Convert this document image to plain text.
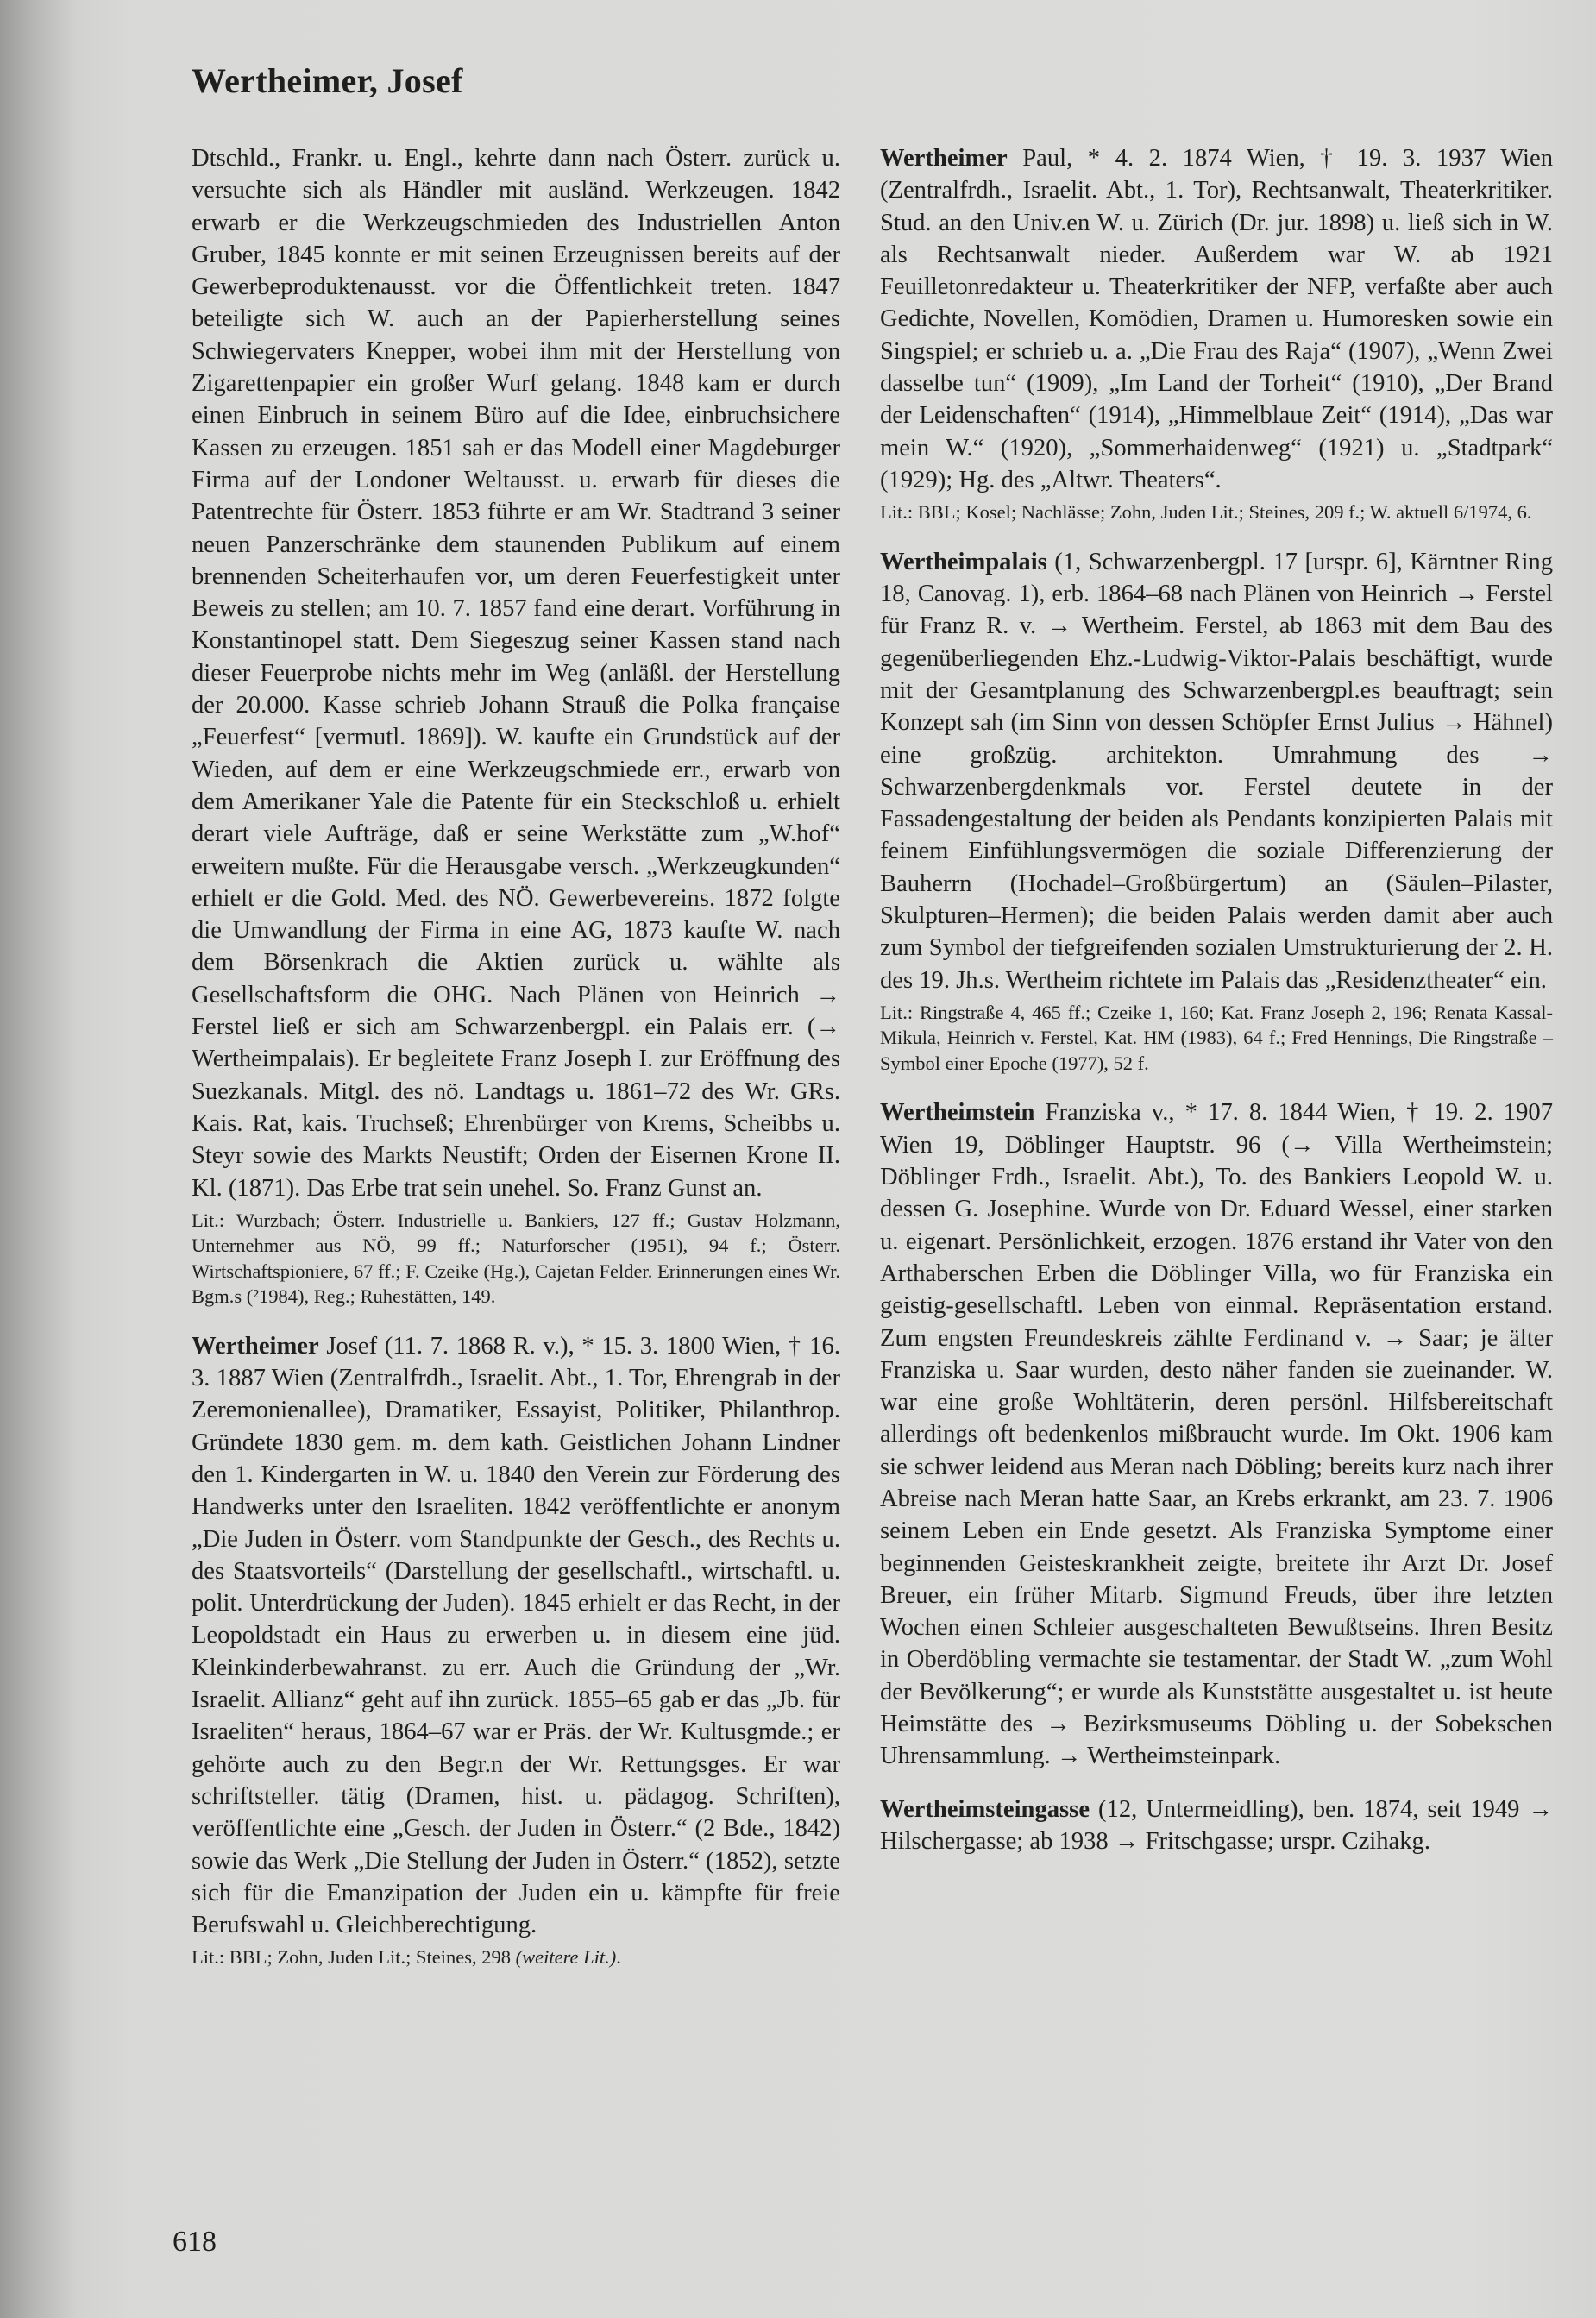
Wertheimer, Josef

Dtschld., Frankr. u. Engl., kehrte dann nach Österr. zurück u. versuchte sich als Händler mit ausländ. Werkzeugen. 1842 erwarb er die Werkzeugschmieden des Industriellen Anton Gruber, 1845 konnte er mit seinen Erzeugnissen bereits auf der Gewerbeproduktenausst. vor die Öffentlichkeit treten. 1847 beteiligte sich W. auch an der Papierherstellung seines Schwiegervaters Knepper, wobei ihm mit der Herstellung von Zigarettenpapier ein großer Wurf gelang. 1848 kam er durch einen Einbruch in seinem Büro auf die Idee, einbruchsichere Kassen zu erzeugen. 1851 sah er das Modell einer Magdeburger Firma auf der Londoner Weltausst. u. erwarb für dieses die Patentrechte für Österr. 1853 führte er am Wr. Stadtrand 3 seiner neuen Panzerschränke dem staunenden Publikum auf einem brennenden Scheiterhaufen vor, um deren Feuerfestigkeit unter Beweis zu stellen; am 10. 7. 1857 fand eine derart. Vorführung in Konstantinopel statt. Dem Siegeszug seiner Kassen stand nach dieser Feuerprobe nichts mehr im Weg (anläßl. der Herstellung der 20.000. Kasse schrieb Johann Strauß die Polka française „Feuerfest“ [vermutl. 1869]). W. kaufte ein Grundstück auf der Wieden, auf dem er eine Werkzeugschmiede err., erwarb von dem Amerikaner Yale die Patente für ein Steckschloß u. erhielt derart viele Aufträge, daß er seine Werkstätte zum „W.hof“ erweitern mußte. Für die Herausgabe versch. „Werkzeugkunden“ erhielt er die Gold. Med. des NÖ. Gewerbevereins. 1872 folgte die Umwandlung der Firma in eine AG, 1873 kaufte W. nach dem Börsenkrach die Aktien zurück u. wählte als Gesellschaftsform die OHG. Nach Plänen von Heinrich → Ferstel ließ er sich am Schwarzenbergpl. ein Palais err. (→ Wertheimpalais). Er begleitete Franz Joseph I. zur Eröffnung des Suezkanals. Mitgl. des nö. Landtags u. 1861–72 des Wr. GRs. Kais. Rat, kais. Truchseß; Ehrenbürger von Krems, Scheibbs u. Steyr sowie des Markts Neustift; Orden der Eisernen Krone II. Kl. (1871). Das Erbe trat sein unehel. So. Franz Gunst an.

Lit.: Wurzbach; Österr. Industrielle u. Bankiers, 127 ff.; Gustav Holzmann, Unternehmer aus NÖ, 99 ff.; Naturforscher (1951), 94 f.; Österr. Wirtschaftspioniere, 67 ff.; F. Czeike (Hg.), Cajetan Felder. Erinnerungen eines Wr. Bgm.s (²1984), Reg.; Ruhestätten, 149.

Wertheimer Josef (11. 7. 1868 R. v.), * 15. 3. 1800 Wien, † 16. 3. 1887 Wien (Zentralfrdh., Israelit. Abt., 1. Tor, Ehrengrab in der Zeremonienallee), Dramatiker, Essayist, Politiker, Philanthrop. Gründete 1830 gem. m. dem kath. Geistlichen Johann Lindner den 1. Kindergarten in W. u. 1840 den Verein zur Förderung des Handwerks unter den Israeliten. 1842 veröffentlichte er anonym „Die Juden in Österr. vom Standpunkte der Gesch., des Rechts u. des Staatsvorteils“ (Darstellung der gesellschaftl., wirtschaftl. u. polit. Unterdrückung der Juden). 1845 erhielt er das Recht, in der Leopoldstadt ein Haus zu erwerben u. in diesem eine jüd. Kleinkinderbewahranst. zu err. Auch die Gründung der „Wr. Israelit. Allianz“ geht auf ihn zurück. 1855–65 gab er das „Jb. für Israeliten“ heraus, 1864–67 war er Präs. der Wr. Kultusgmde.; er gehörte auch zu den Begr.n der Wr. Rettungsges. Er war schriftsteller. tätig (Dramen, hist. u. pädagog. Schriften), veröffentlichte eine „Gesch. der Juden in Österr.“ (2 Bde., 1842) sowie das Werk „Die Stellung der Juden in Österr.“ (1852), setzte sich für die Emanzipation der Juden ein u. kämpfte für freie Berufswahl u. Gleichberechtigung.

Lit.: BBL; Zohn, Juden Lit.; Steines, 298 (weitere Lit.).

Wertheimer Paul, * 4. 2. 1874 Wien, † 19. 3. 1937 Wien (Zentralfrdh., Israelit. Abt., 1. Tor), Rechtsanwalt, Theaterkritiker. Stud. an den Univ.en W. u. Zürich (Dr. jur. 1898) u. ließ sich in W. als Rechtsanwalt nieder. Außerdem war W. ab 1921 Feuilletonredakteur u. Theaterkritiker der NFP, verfaßte aber auch Gedichte, Novellen, Komödien, Dramen u. Humoresken sowie ein Singspiel; er schrieb u. a. „Die Frau des Raja“ (1907), „Wenn Zwei dasselbe tun“ (1909), „Im Land der Torheit“ (1910), „Der Brand der Leidenschaften“ (1914), „Himmelblaue Zeit“ (1914), „Das war mein W.“ (1920), „Sommerhaidenweg“ (1921) u. „Stadtpark“ (1929); Hg. des „Altwr. Theaters“.

Lit.: BBL; Kosel; Nachlässe; Zohn, Juden Lit.; Steines, 209 f.; W. aktuell 6/1974, 6.

Wertheimpalais (1, Schwarzenbergpl. 17 [urspr. 6], Kärntner Ring 18, Canovag. 1), erb. 1864–68 nach Plänen von Heinrich → Ferstel für Franz R. v. → Wertheim. Ferstel, ab 1863 mit dem Bau des gegenüberliegenden Ehz.-Ludwig-Viktor-Palais beschäftigt, wurde mit der Gesamtplanung des Schwarzenbergpl.es beauftragt; sein Konzept sah (im Sinn von dessen Schöpfer Ernst Julius → Hähnel) eine großzüg. architekton. Umrahmung des → Schwarzenbergdenkmals vor. Ferstel deutete in der Fassadengestaltung der beiden als Pendants konzipierten Palais mit feinem Einfühlungsvermögen die soziale Differenzierung der Bauherrn (Hochadel–Großbürgertum) an (Säulen–Pilaster, Skulpturen–Hermen); die beiden Palais werden damit aber auch zum Symbol der tiefgreifenden sozialen Umstrukturierung der 2. H. des 19. Jh.s. Wertheim richtete im Palais das „Residenztheater“ ein.

Lit.: Ringstraße 4, 465 ff.; Czeike 1, 160; Kat. Franz Joseph 2, 196; Renata Kassal-Mikula, Heinrich v. Ferstel, Kat. HM (1983), 64 f.; Fred Hennings, Die Ringstraße – Symbol einer Epoche (1977), 52 f.

Wertheimstein Franziska v., * 17. 8. 1844 Wien, † 19. 2. 1907 Wien 19, Döblinger Hauptstr. 96 (→ Villa Wertheimstein; Döblinger Frdh., Israelit. Abt.), To. des Bankiers Leopold W. u. dessen G. Josephine. Wurde von Dr. Eduard Wessel, einer starken u. eigenart. Persönlichkeit, erzogen. 1876 erstand ihr Vater von den Arthaberschen Erben die Döblinger Villa, wo für Franziska ein geistig-gesellschaftl. Leben von einmal. Repräsentation erstand. Zum engsten Freundeskreis zählte Ferdinand v. → Saar; je älter Franziska u. Saar wurden, desto näher fanden sie zueinander. W. war eine große Wohltäterin, deren persönl. Hilfsbereitschaft allerdings oft bedenkenlos mißbraucht wurde. Im Okt. 1906 kam sie schwer leidend aus Meran nach Döbling; bereits kurz nach ihrer Abreise nach Meran hatte Saar, an Krebs erkrankt, am 23. 7. 1906 seinem Leben ein Ende gesetzt. Als Franziska Symptome einer beginnenden Geisteskrankheit zeigte, breitete ihr Arzt Dr. Josef Breuer, ein früher Mitarb. Sigmund Freuds, über ihre letzten Wochen einen Schleier ausgeschalteten Bewußtseins. Ihren Besitz in Oberdöbling vermachte sie testamentar. der Stadt W. „zum Wohl der Bevölkerung“; er wurde als Kunststätte ausgestaltet u. ist heute Heimstätte des → Bezirksmuseums Döbling u. der Sobekschen Uhrensammlung. → Wertheimsteinpark.

Wertheimsteingasse (12, Untermeidling), ben. 1874, seit 1949 → Hilschergasse; ab 1938 → Fritschgasse; urspr. Czihakg.

618
